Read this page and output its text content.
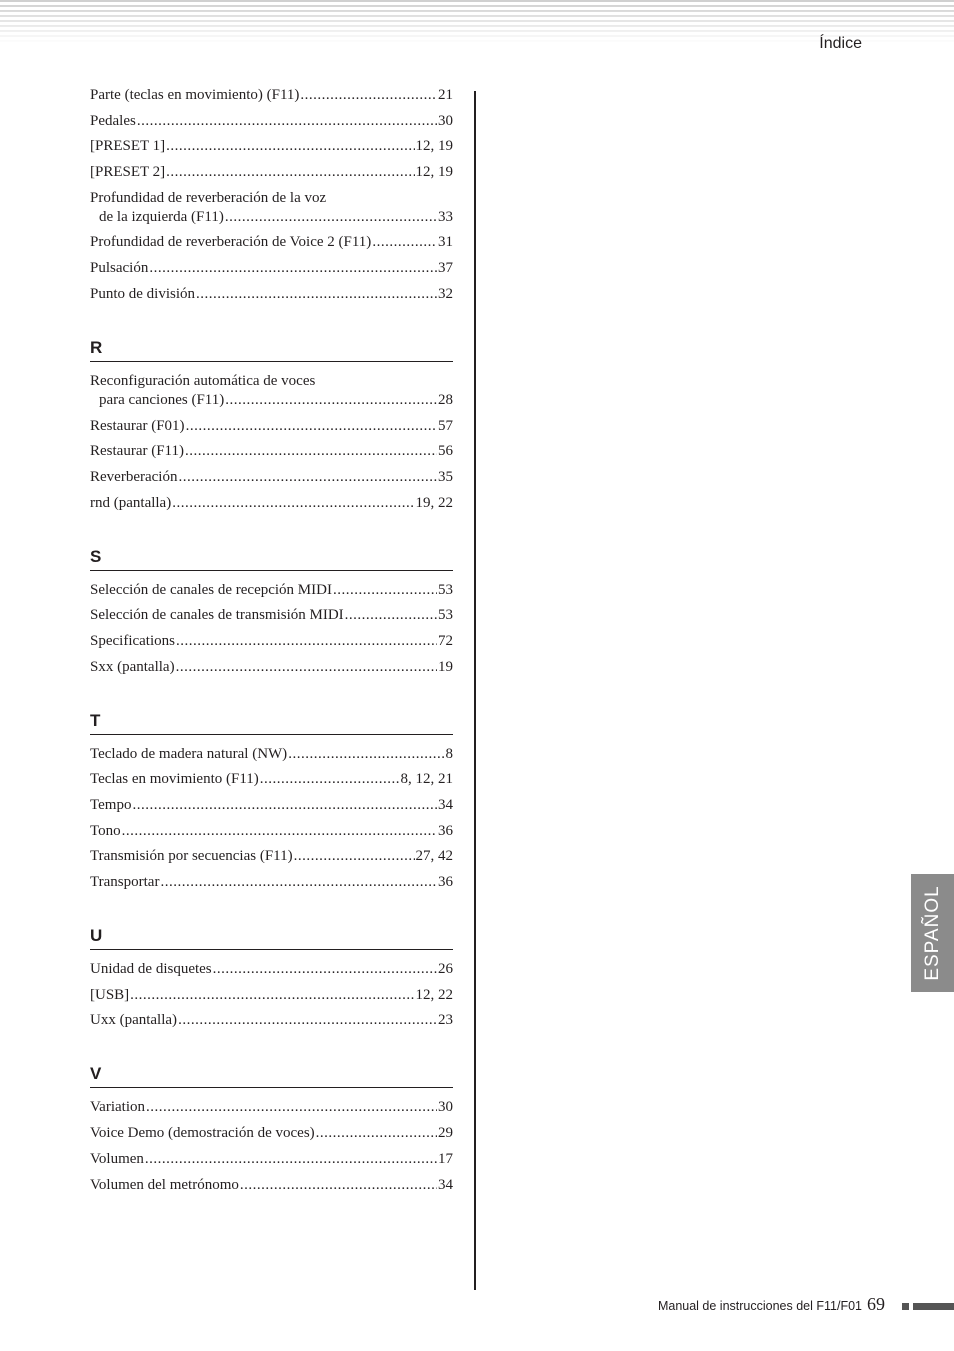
Índice
Parte (teclas en movimiento) (F11) .....	21
Pedales .....	30
[PRESET 1] .....	12, 19
[PRESET 2] .....	12, 19
Profundidad de reverberación de la voz
de la izquierda (F11) .....	33
Profundidad de reverberación de Voice 2 (F11) .....	31
Pulsación .....	37
Punto de división .....	32
R
Reconfiguración automática de voces
para canciones (F11) .....	28
Restaurar (F01) .....	57
Restaurar (F11) .....	56
Reverberación .....	35
rnd (pantalla) .....	19, 22
S
Selección de canales de recepción MIDI .....	53
Selección de canales de transmisión MIDI .....	53
Specifications .....	72
Sxx (pantalla) .....	19
T
Teclado de madera natural (NW) .....	8
Teclas en movimiento (F11) .....	8, 12, 21
Tempo .....	34
Tono .....	36
Transmisión por secuencias (F11) .....	27, 42
Transportar .....	36
U
Unidad de disquetes .....	26
[USB] .....	12, 22
Uxx (pantalla) .....	23
V
Variation .....	30
Voice Demo (demostración de voces) .....	29
Volumen .....	17
Volumen del metrónomo .....	34
ESPAÑOL
Manual de instrucciones del F11/F01 69
